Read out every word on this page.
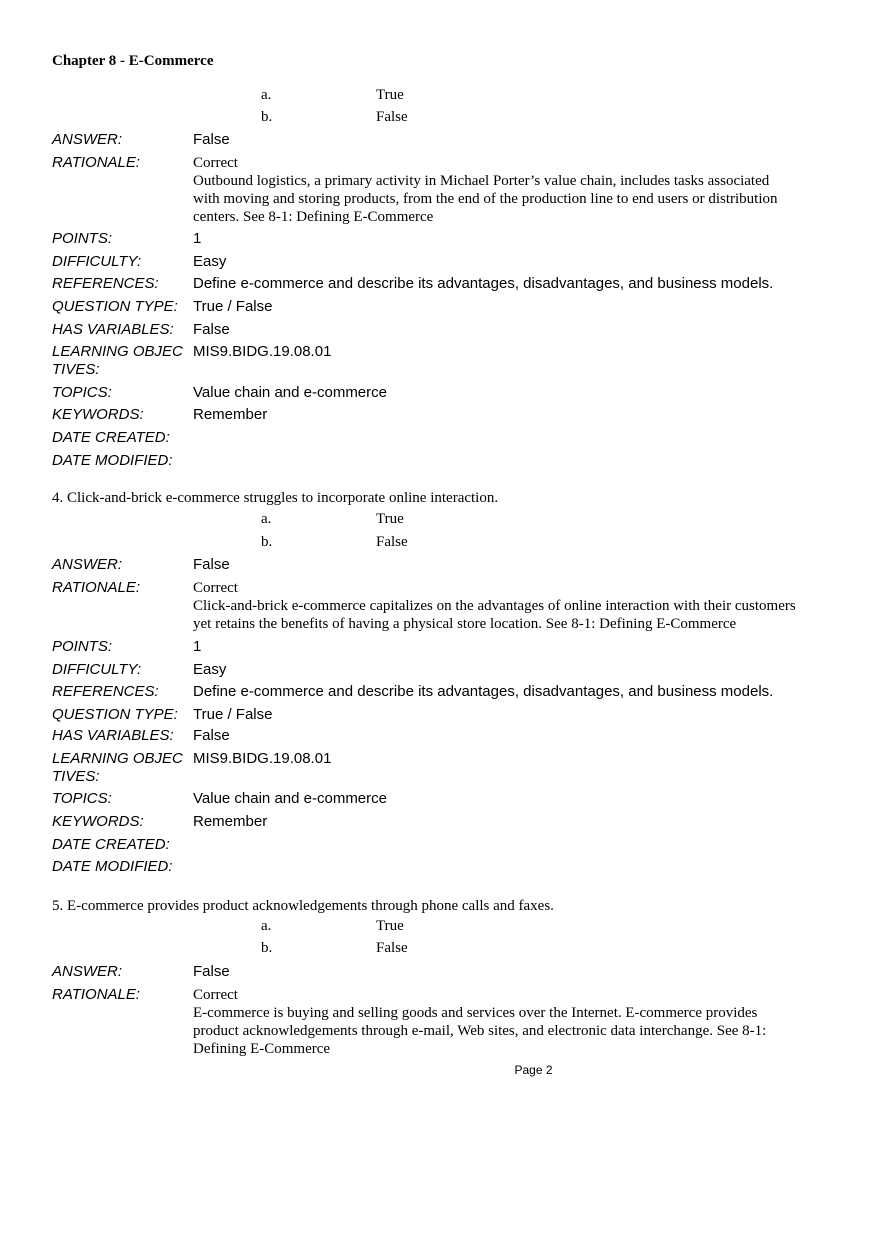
Chapter 8 - E-Commerce
a.	True
b.	False
ANSWER:	False
RATIONALE:	Correct
Outbound logistics, a primary activity in Michael Porter’s value chain, includes tasks associated
with moving and storing products, from the end of the production line to end users or distribution
centers. See 8-1: Defining E-Commerce
POINTS:	1
DIFFICULTY:	Easy
REFERENCES: Define e-commerce and describe its advantages, disadvantages, and business models.
QUESTION TYPE: True / False
HAS VARIABLES: False
LEARNING OBJECTIVES:
MIS9.BIDG.19.08.01
TOPICS:	Value chain and e-commerce
KEYWORDS:	Remember
DATE CREATED:
DATE MODIFIED:
4. Click-and-brick e-commerce struggles to incorporate online interaction.
a.	True
b.	False
ANSWER:	False
RATIONALE:	Correct
Click-and-brick e-commerce capitalizes on the advantages of online interaction with their customers
yet retains the benefits of having a physical store location. See 8-1: Defining E-Commerce
POINTS:	1
DIFFICULTY:	Easy
REFERENCES: Define e-commerce and describe its advantages, disadvantages, and business models.
QUESTION TYPE: True / False
HAS VARIABLES: False
LEARNING OBJECTIVES:
MIS9.BIDG.19.08.01
TOPICS:	Value chain and e-commerce
KEYWORDS:	Remember
DATE CREATED:
DATE MODIFIED:
5. E-commerce provides product acknowledgements through phone calls and faxes.
a.	True
b.	False
ANSWER:	False
RATIONALE:	Correct
E-commerce is buying and selling goods and services over the Internet. E-commerce provides
product acknowledgements through e-mail, Web sites, and electronic data interchange. See 8-1:
Defining E-Commerce
Page 2
